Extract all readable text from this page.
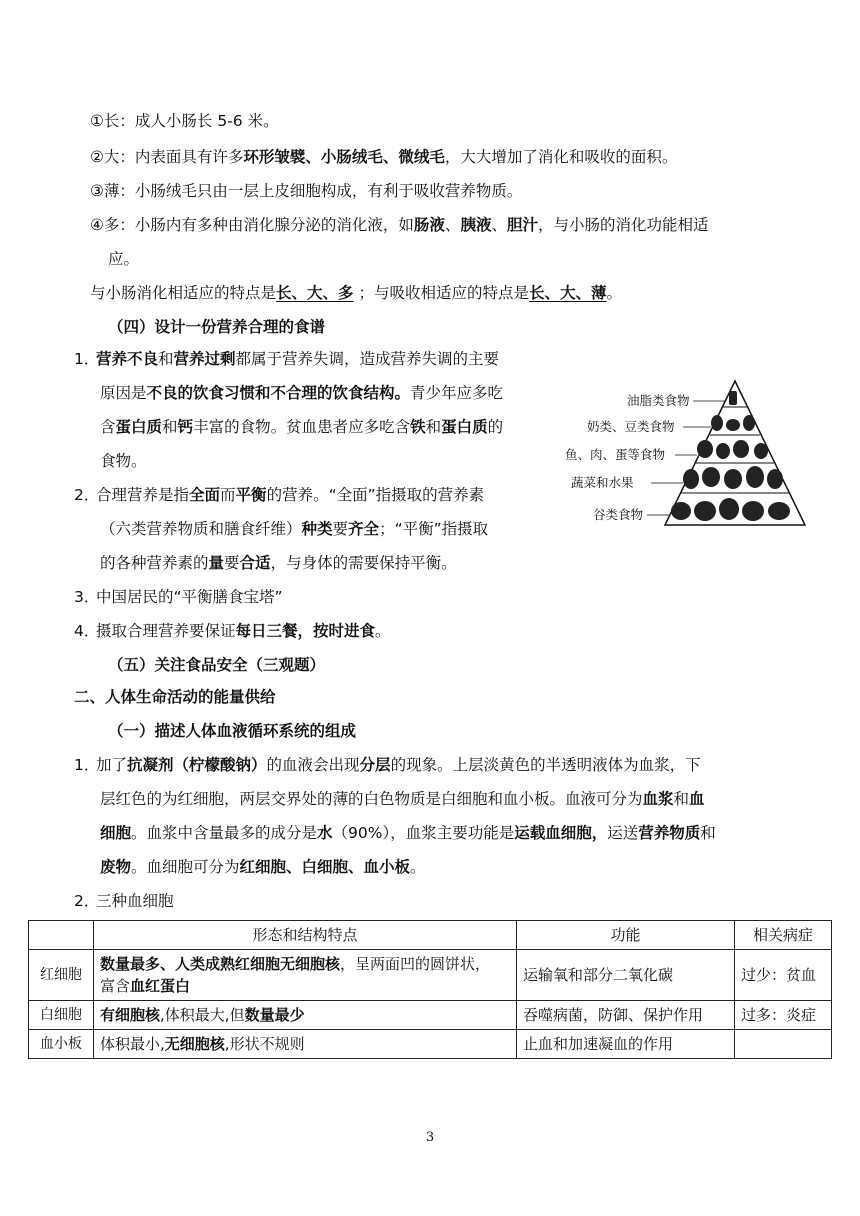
①长：成人小肠长 5-6 米。
②大：内表面具有许多环形皱襞、小肠绒毛、微绒毛，大大增加了消化和吸收的面积。
③薄：小肠绒毛只由一层上皮细胞构成，有利于吸收营养物质。
④多：小肠内有多种由消化腺分泌的消化液，如肠液、胰液、胆汁，与小肠的消化功能相适
应。
与小肠消化相适应的特点是长、大、多 ；与吸收相适应的特点是长、大、薄。
（四）设计一份营养合理的食谱
1．营养不良和营养过剩都属于营养失调，造成营养失调的主要
原因是不良的饮食习惯和不合理的饮食结构。青少年应多吃
含蛋白质和钙丰富的食物。贫血患者应多吃含铁和蛋白质的
食物。
2．合理营养是指全面而平衡的营养。“全面”指摄取的营养素
（六类营养物质和膳食纤维）种类要齐全；“平衡”指摄取
的各种营养素的量要合适，与身体的需要保持平衡。
3．中国居民的“平衡膳食宝塔”
4．摄取合理营养要保证每日三餐，按时进食。
（五）关注食品安全（三观题）
二、人体生命活动的能量供给
（一）描述人体血液循环系统的组成
1．加了抗凝剂（柠檬酸钠）的血液会出现分层的现象。上层淡黄色的半透明液体为血浆，下
层红色的为红细胞，两层交界处的薄的白色物质是白细胞和血小板。血液可分为血浆和血
细胞。血浆中含量最多的成分是水（90%），血浆主要功能是运载血细胞，运送营养物质和
废物。血细胞可分为红细胞、白细胞、血小板。
2．三种血细胞
油脂类食物
奶类、豆类食物
鱼、肉、蛋等食物
蔬菜和水果
谷类食物
	形态和结构特点	功能	相关病症
红细胞	数量最多、人类成熟红细胞无细胞核，呈两面凹的圆饼状，
富含血红蛋白	运输氧和部分二氧化碳	过少：贫血
白细胞	有细胞核,体积最大,但数量最少	吞噬病菌，防御、保护作用	过多：炎症
血小板	体积最小,无细胞核,形状不规则	止血和加速凝血的作用	
3
